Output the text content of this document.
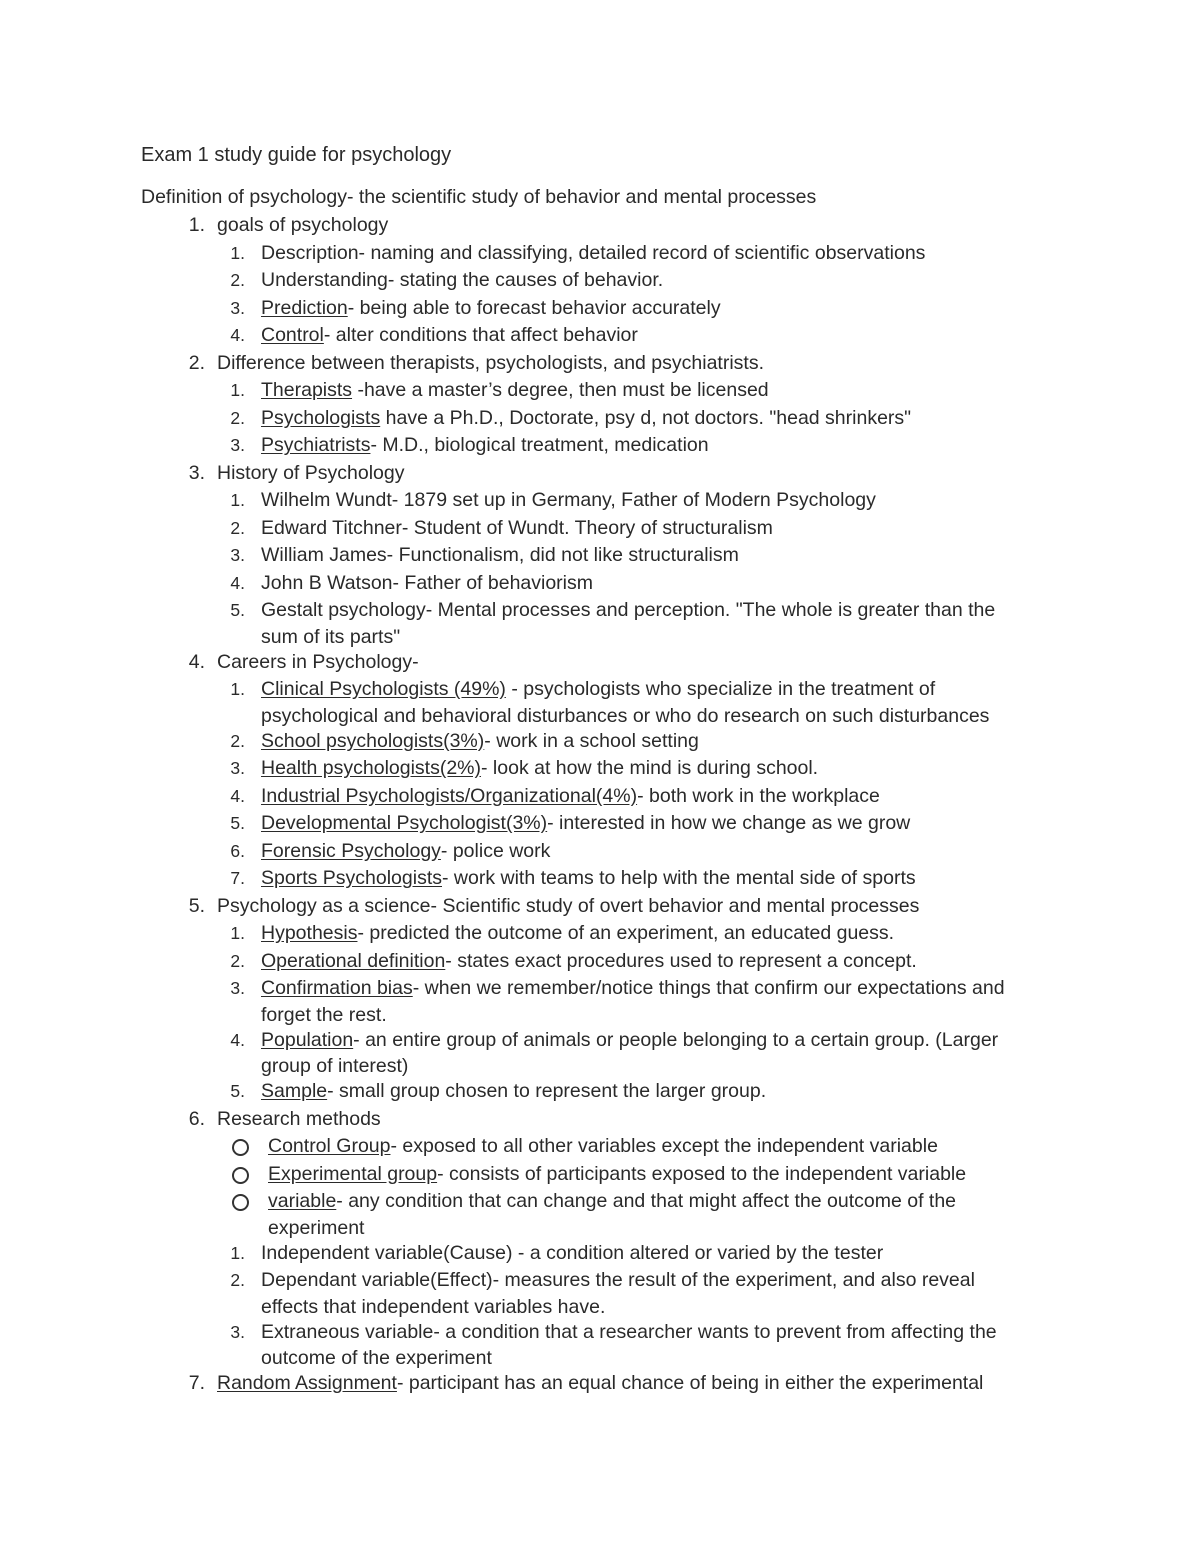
Exam 1 study guide for psychology
Definition of psychology- the scientific study of behavior and mental processes
1. goals of psychology
1. Description- naming and classifying, detailed record of scientific observations
2. Understanding- stating the causes of behavior.
3. Prediction- being able to forecast behavior accurately
4. Control- alter conditions that affect behavior
2. Difference between therapists, psychologists, and psychiatrists.
1. Therapists -have a master’s degree, then must be licensed
2. Psychologists have a Ph.D., Doctorate, psy d, not doctors. "head shrinkers"
3. Psychiatrists- M.D., biological treatment, medication
3. History of Psychology
1. Wilhelm Wundt- 1879 set up in Germany, Father of Modern Psychology
2. Edward Titchner- Student of Wundt. Theory of structuralism
3. William James- Functionalism, did not like structuralism
4. John B Watson- Father of behaviorism
5. Gestalt psychology- Mental processes and perception. "The whole is greater than the
sum of its parts"
4. Careers in Psychology-
1. Clinical Psychologists (49%) - psychologists who specialize in the treatment of
psychological and behavioral disturbances or who do research on such disturbances
2. School psychologists(3%)- work in a school setting
3. Health psychologists(2%)- look at how the mind is during school.
4. Industrial Psychologists/Organizational(4%)- both work in the workplace
5. Developmental Psychologist(3%)- interested in how we change as we grow
6. Forensic Psychology- police work
7. Sports Psychologists- work with teams to help with the mental side of sports
5. Psychology as a science- Scientific study of overt behavior and mental processes
1. Hypothesis- predicted the outcome of an experiment, an educated guess.
2. Operational definition- states exact procedures used to represent a concept.
3. Confirmation bias- when we remember/notice things that confirm our expectations and
forget the rest.
4. Population- an entire group of animals or people belonging to a certain group. (Larger
group of interest)
5. Sample- small group chosen to represent the larger group.
6. Research methods
Control Group- exposed to all other variables except the independent variable
Experimental group- consists of participants exposed to the independent variable
variable- any condition that can change and that might affect the outcome of the
experiment
1. Independent variable(Cause) - a condition altered or varied by the tester
2. Dependant variable(Effect)- measures the result of the experiment, and also reveal
effects that independent variables have.
3. Extraneous variable- a condition that a researcher wants to prevent from affecting the
outcome of the experiment
7. Random Assignment- participant has an equal chance of being in either the experimental
